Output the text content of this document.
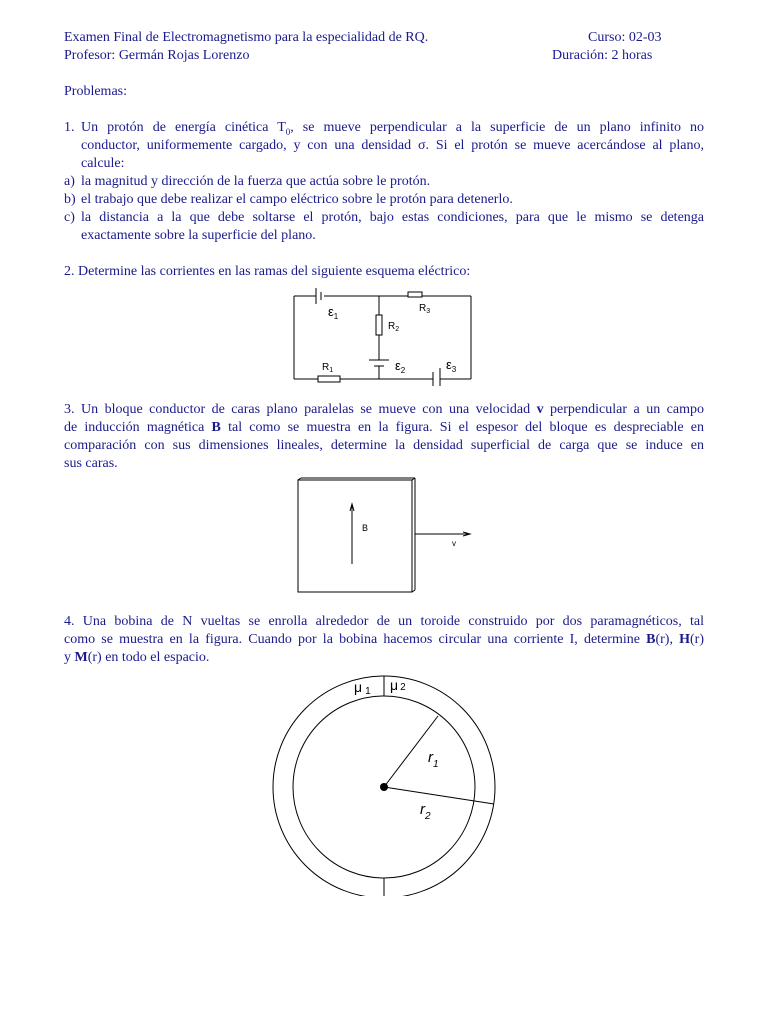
Examen Final de Electromagnetismo para la especialidad de RQ.	Curso: 02-03
Profesor: Germán Rojas Lorenzo	Duración: 2 horas
Problemas:
1. Un protón de energía cinética $T_0$, se mueve perpendicular a la superficie de un plano infinito no
conductor, uniformemente cargado, y con una densidad σ. Si el protón se mueve acercándose al plano,
calcule:
a) la magnitud y dirección de la fuerza que actúa sobre le protón.
b) el trabajo que debe realizar el campo eléctrico sobre le protón para detenerlo.
c) la distancia a la que debe soltarse el protón, bajo estas condiciones, para que le mismo se detenga
exactamente sobre la superficie del plano.
2. Determine las corrientes en las ramas del siguiente esquema eléctrico:
$\varepsilon_1$
$R_3$
$R_2$
$R_1$	$\varepsilon_2$	$\varepsilon_3$
3. Un bloque conductor de caras plano paralelas se mueve con una velocidad v perpendicular a un campo
de inducción magnética B tal como se muestra en la figura. Si el espesor del bloque es despreciable en
comparación con sus dimensiones lineales, determine la densidad superficial de carga que se induce en
sus caras.
B
v
4. Una bobina de N vueltas se enrolla alrededor de un toroide construido por dos paramagnéticos, tal
como se muestra en la figura. Cuando por la bobina hacemos circular una corriente I, determine B(r), H(r)
y M(r) en todo el espacio.
μ 1 μ 2
$r_1$
$r_2$
